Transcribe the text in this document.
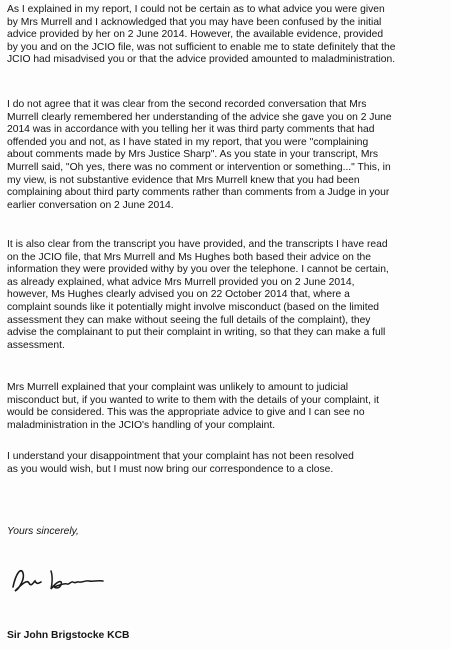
As I explained in my report, I could not be certain as to what advice you were given
by Mrs Murrell and I acknowledged that you may have been confused by the initial
advice provided by her on 2 June 2014. However, the available evidence, provided
by you and on the JCIO file, was not sufficient to enable me to state definitely that the
JCIO had misadvised you or that the advice provided amounted to maladministration.

I do not agree that it was clear from the second recorded conversation that Mrs
Murrell clearly remembered her understanding of the advice she gave you on 2 June
2014 was in accordance with you telling her it was third party comments that had
offended you and not, as I have stated in my report, that you were "complaining
about comments made by Mrs Justice Sharp". As you state in your transcript, Mrs
Murrell said, "Oh yes, there was no comment or intervention or something..." This, in
my view, is not substantive evidence that Mrs Murrell knew that you had been
complaining about third party comments rather than comments from a Judge in your
earlier conversation on 2 June 2014.

It is also clear from the transcript you have provided, and the transcripts I have read
on the JCIO file, that Mrs Murrell and Ms Hughes both based their advice on the
information they were provided withy by you over the telephone. I cannot be certain,
as already explained, what advice Mrs Murrell provided you on 2 June 2014,
however, Ms Hughes clearly advised you on 22 October 2014 that, where a
complaint sounds like it potentially might involve misconduct (based on the limited
assessment they can make without seeing the full details of the complaint), they
advise the complainant to put their complaint in writing, so that they can make a full
assessment.

Mrs Murrell explained that your complaint was unlikely to amount to judicial
misconduct but, if you wanted to write to them with the details of your complaint, it
would be considered. This was the appropriate advice to give and I can see no
maladministration in the JCIO's handling of your complaint.

I understand your disappointment that your complaint has not been resolved
as you would wish, but I must now bring our correspondence to a close.

Yours sincerely,
Sir John Brigstocke KCB
